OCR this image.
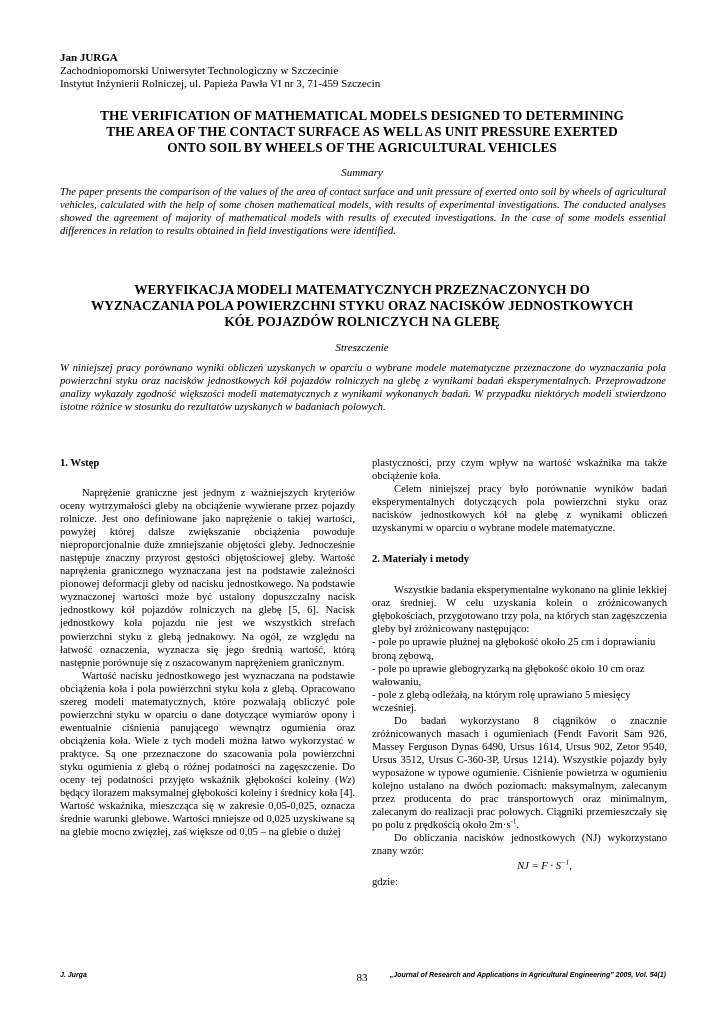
Jan JURGA
Zachodniopomorski Uniwersytet Technologiczny w Szczecinie
Instytut Inżynierii Rolniczej, ul. Papieża Pawła VI nr 3, 71-459 Szczecin
THE VERIFICATION OF MATHEMATICAL MODELS DESIGNED TO DETERMINING
THE AREA OF THE CONTACT SURFACE AS WELL AS UNIT PRESSURE EXERTED
ONTO SOIL BY WHEELS OF THE AGRICULTURAL VEHICLES
Summary
The paper presents the comparison of the values of the area of contact surface and unit pressure of exerted onto soil by wheels of agricultural vehicles, calculated with the help of some chosen mathematical models, with results of experimental investigations. The conducted analyses showed the agreement of majority of mathematical models with results of executed investigations. In the case of some models essential differences in relation to results obtained in field investigations were identified.
WERYFIKACJA MODELI MATEMATYCZNYCH PRZEZNACZONYCH DO
WYZNACZANIA POLA POWIERZCHNI STYKU ORAZ NACISKÓW JEDNOSTKOWYCH
KÓŁ POJAZDÓW ROLNICZYCH NA GLEBĘ
Streszczenie
W niniejszej pracy porównano wyniki obliczeń uzyskanych w oparciu o wybrane modele matematyczne przeznaczone do wyznaczania pola powierzchni styku oraz nacisków jednostkowych kół pojazdów rolniczych na glebę z wynikami badań eksperymentalnych. Przeprowadzone analizy wykazały zgodność większości modeli matematycznych z wynikami wykonanych badań. W przypadku niektórych modeli stwierdzono istotne różnice w stosunku do rezultatów uzyskanych w badaniach polowych.
1. Wstęp

Naprężenie graniczne jest jednym z ważniejszych kryteriów oceny wytrzymałości gleby na obciążenie wywierane przez pojazdy rolnicze. Jest ono definiowane jako naprężenie o takiej wartości, powyżej której dalsze zwiększanie obciążenia powoduje nieproporcjonalnie duże zmniejszanie objętości gleby. Jednocześnie następuje znaczny przyrost gęstości objętościowej gleby. Wartość naprężenia granicznego wyznaczana jest na podstawie zależności pionowej deformacji gleby od nacisku jednostkowego. Na podstawie wyznaczonej wartości może być ustalony dopuszczalny nacisk jednostkowy kół pojazdów rolniczych na glebę [5, 6]. Nacisk jednostkowy koła pojazdu nie jest we wszystkich strefach powierzchni styku z glebą jednakowy. Na ogół, ze względu na łatwość oznaczenia, wyznacza się jego średnią wartość, którą następnie porównuje się z oszacowanym naprężeniem granicznym.

Wartość nacisku jednostkowego jest wyznaczana na podstawie obciążenia koła i pola powierzchni styku koła z glebą. Opracowano szereg modeli matematycznych, które pozwalają obliczyć pole powierzchni styku w oparciu o dane dotyczące wymiarów opony i ewentualnie ciśnienia panującego wewnątrz ogumienia oraz obciążenia koła. Wiele z tych modeli można łatwo wykorzystać w praktyce. Są one przeznaczone do szacowania pola powierzchni styku ogumienia z glebą o różnej podatności na zagęszczenie. Do oceny tej podatności przyjęto wskaźnik głębokości koleiny (Wz) będący ilorazem maksymalnej głębokości koleiny i średnicy koła [4]. Wartość wskaźnika, mieszcząca się w zakresie 0,05-0,025, oznacza średnie warunki glebowe. Wartości mniejsze od 0,025 uzyskiwane są na glebie mocno zwięzłej, zaś większe od 0,05 – na glebie o dużej

plastyczności, przy czym wpływ na wartość wskaźnika ma także obciążenie koła.

Celem niniejszej pracy było porównanie wyników badań eksperymentalnych dotyczących pola powierzchni styku oraz nacisków jednostkowych kół na glebę z wynikami obliczeń uzyskanymi w oparciu o wybrane modele matematyczne.

2. Materiały i metody

Wszystkie badania eksperymentalne wykonano na glinie lekkiej oraz średniej. W celu uzyskania kolein o zróżnicowanych głębokościach, przygotowano trzy pola, na których stan zagęszczenia gleby był zróżnicowany następująco:

- pole po uprawie płużnej na głębokość około 25 cm i doprawianiu broną zębową,
- pole po uprawie glebogryzarką na głębokość około 10 cm oraz wałowaniu,
- pole z glebą odleżałą, na którym rolę uprawiano 5 miesięcy wcześniej.

Do badań wykorzystano 8 ciągników o znacznie zróżnicowanych masach i ogumieniach (Fendt Favorit Sam 926, Massey Ferguson Dynas 6490, Ursus 1614, Ursus 902, Zetor 9540, Ursus 3512, Ursus C-360-3P, Ursus 1214). Wszystkie pojazdy były wyposażone w typowe ogumienie. Ciśnienie powietrza w ogumieniu kolejno ustalano na dwóch poziomach: maksymalnym, zalecanym przez producenta do prac transportowych oraz minimalnym, zalecanym do realizacji prac polowych. Ciągniki przemieszczały się po polu z prędkością około $2m\cdot s^{-1}$.

Do obliczania nacisków jednostkowych (NJ) wykorzystano znany wzór:

NJ = $F \cdot S^{-1}$,

gdzie:

J. Jurga	83	„Journal of Research and Applications in Agricultural Engineering” 2009, Vol. 54(1)
